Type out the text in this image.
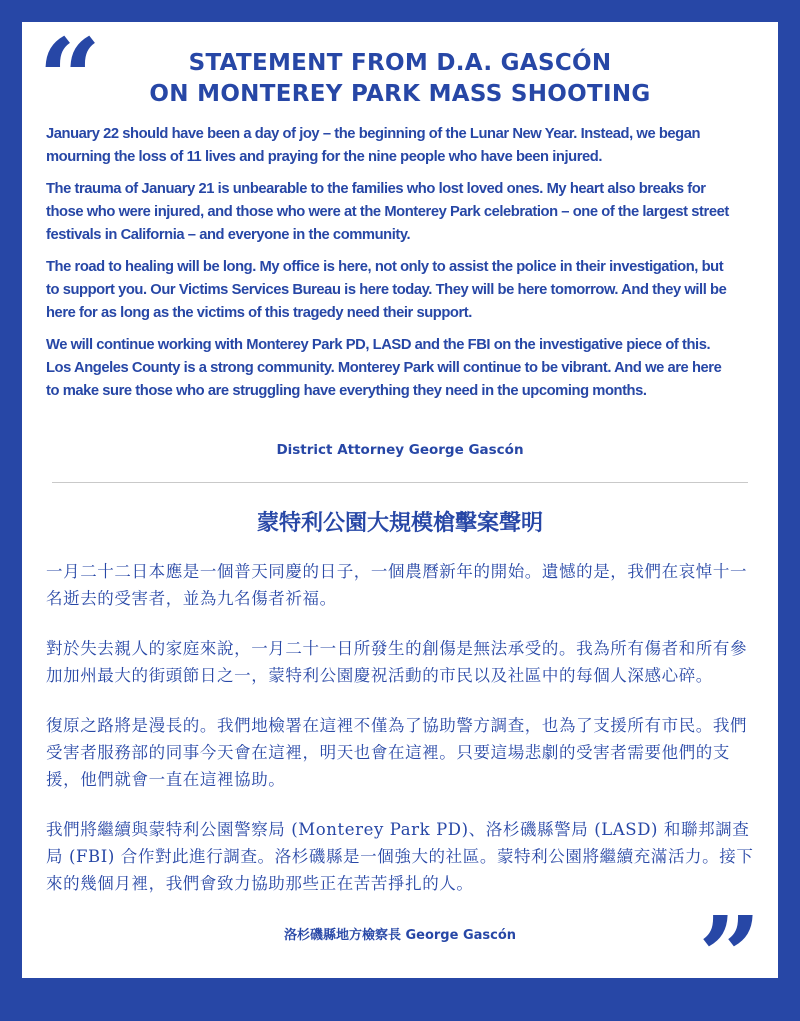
“	STATEMENT FROM D.A. GASCÓN
ON MONTEREY PARK MASS SHOOTING

January 22 should have been a day of joy – the beginning of the Lunar New Year. Instead, we began mourning the loss of 11 lives and praying for the nine people who have been injured.

The trauma of January 21 is unbearable to the families who lost loved ones. My heart also breaks for those who were injured, and those who were at the Monterey Park celebration – one of the largest street festivals in California – and everyone in the community.

The road to healing will be long. My office is here, not only to assist the police in their investigation, but to support you. Our Victims Services Bureau is here today. They will be here tomorrow. And they will be here for as long as the victims of this tragedy need their support.

We will continue working with Monterey Park PD, LASD and the FBI on the investigative piece of this. Los Angeles County is a strong community. Monterey Park will continue to be vibrant. And we are here to make sure those who are struggling have everything they need in the upcoming months.

District Attorney George Gascón

蒙特利公園大規模槍擊案聲明

一月二十二日本應是一個普天同慶的日子，一個農曆新年的開始。遺憾的是，我們在哀悼十一名逝去的受害者，並為九名傷者祈福。

對於失去親人的家庭來說，一月二十一日所發生的創傷是無法承受的。我為所有傷者和所有參加加州最大的街頭節日之一，蒙特利公園慶祝活動的市民以及社區中的每個人深感心碎。

復原之路將是漫長的。我們地檢署在這裡不僅為了協助警方調查，也為了支援所有市民。我們受害者服務部的同事今天會在這裡，明天也會在這裡。只要這場悲劇的受害者需要他們的支援，他們就會一直在這裡協助。

我們將繼續與蒙特利公園警察局 (Monterey Park PD)、洛杉磯縣警局 (LASD) 和聯邦調查局 (FBI) 合作對此進行調查。洛杉磯縣是一個強大的社區。蒙特利公園將繼續充滿活力。接下來的幾個月裡，我們會致力協助那些正在苦苦掙扎的人。

洛杉磯縣地方檢察長 George Gascón	”
